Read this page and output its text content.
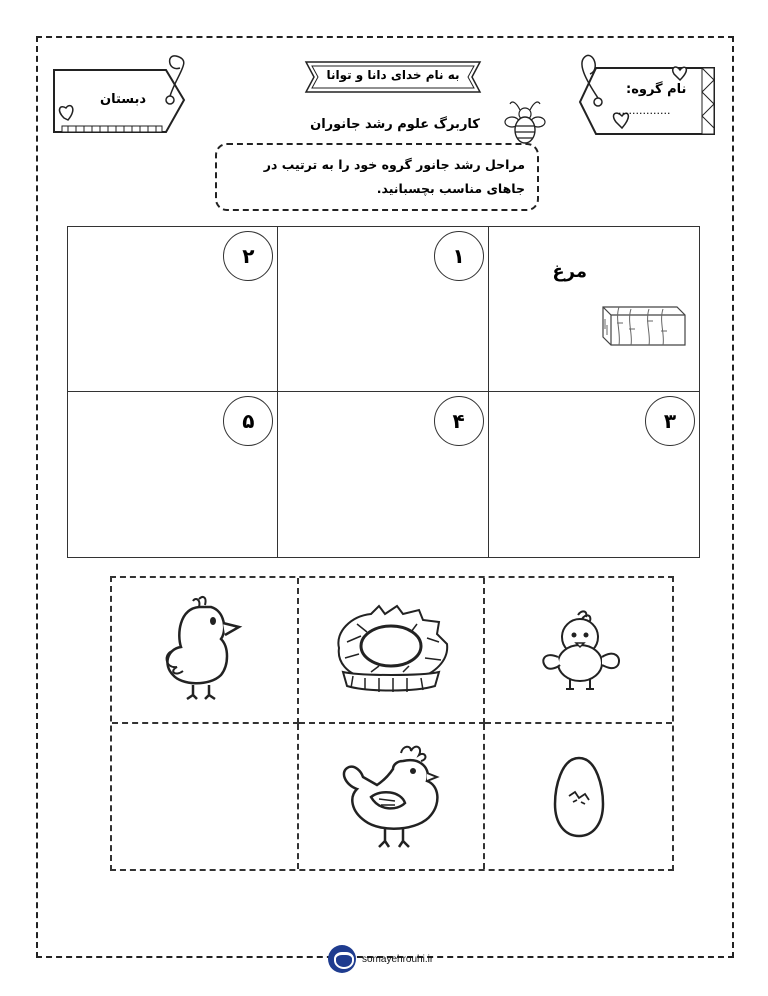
دبستان
نام گروه:
...............
به نام خدای دانا و توانا
کاربرگ علوم رشد جانوران
مراحل رشد جانور گروه خود را به ترتیب در جاهای مناسب بچسبانید.
۲	۱
مرغ
۵	۴	۳
somayehrouhi.ir
